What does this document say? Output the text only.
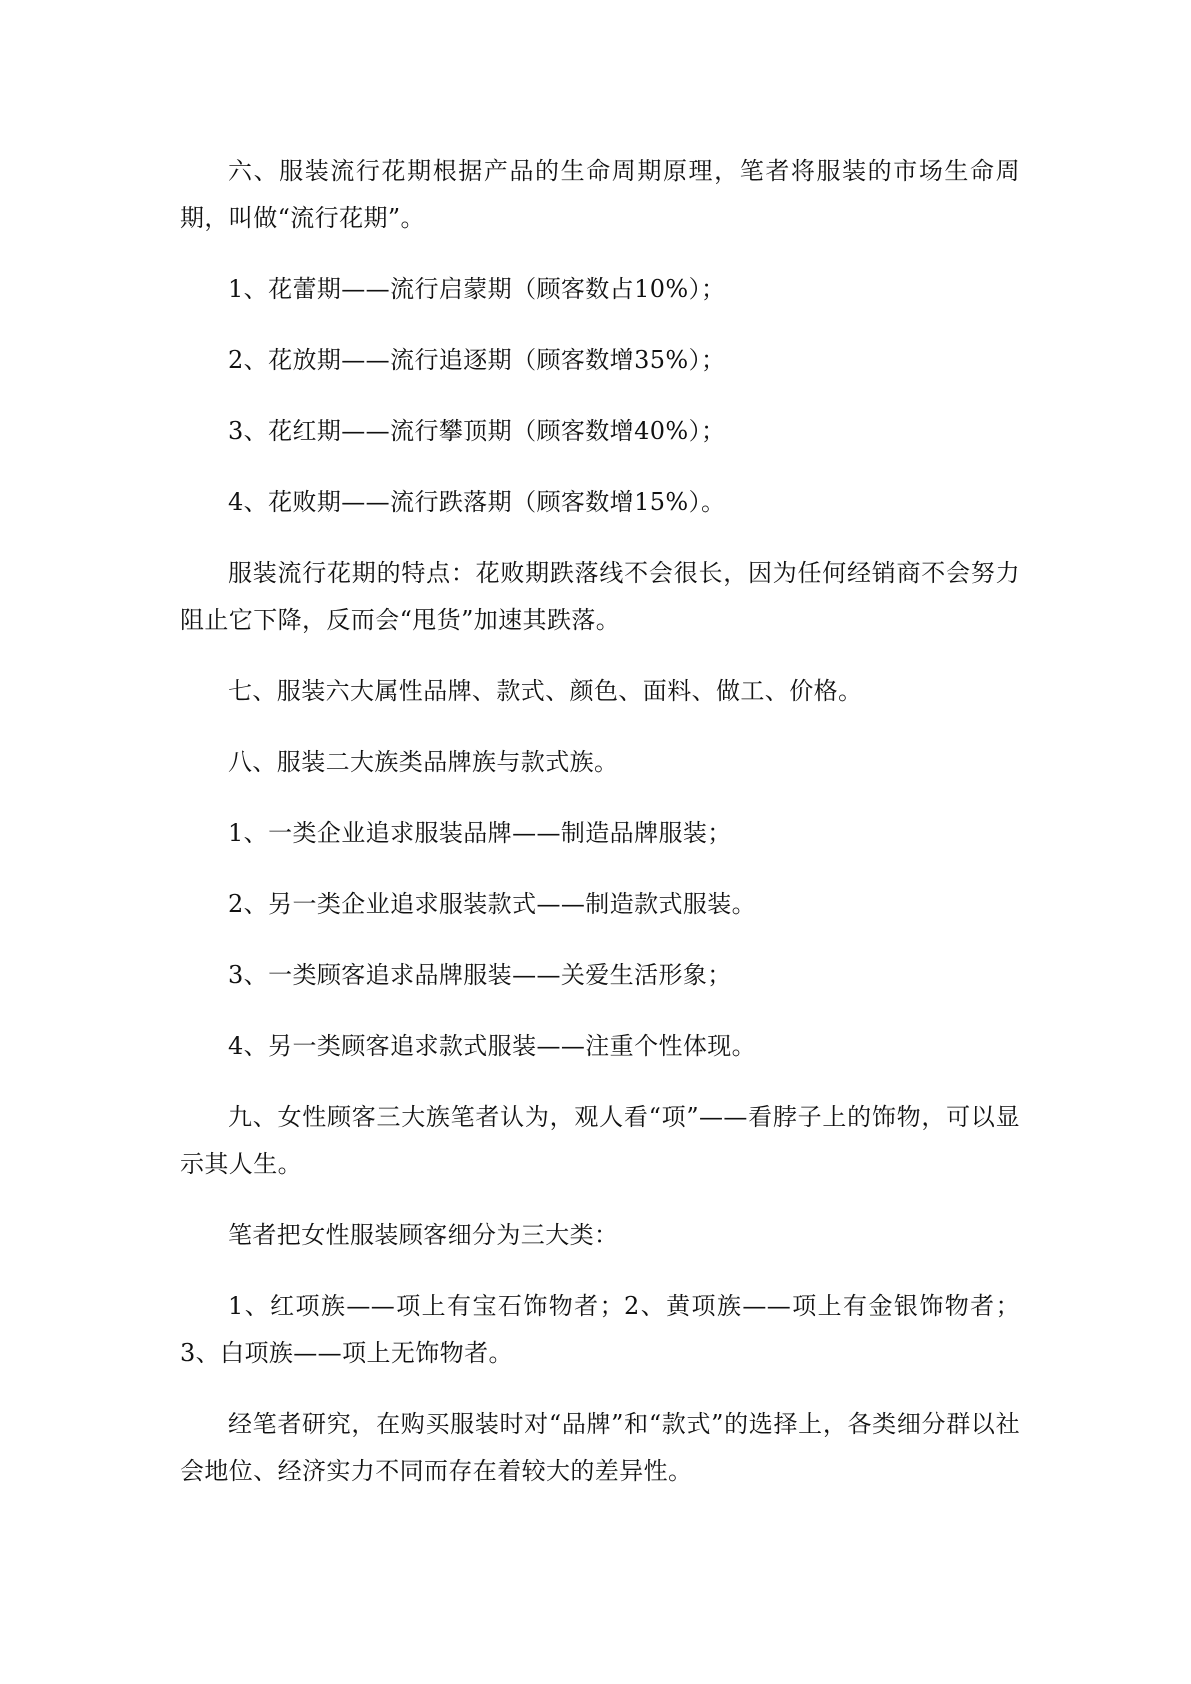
六、服装流行花期根据产品的生命周期原理，笔者将服装的市场生命周期，叫做“流行花期”。

1、花蕾期——流行启蒙期（顾客数占10%）；

2、花放期——流行追逐期（顾客数增35%）；

3、花红期——流行攀顶期（顾客数增40%）；

4、花败期——流行跌落期（顾客数增15%）。

服装流行花期的特点：花败期跌落线不会很长，因为任何经销商不会努力阻止它下降，反而会“甩货”加速其跌落。

七、服装六大属性品牌、款式、颜色、面料、做工、价格。

八、服装二大族类品牌族与款式族。

1、一类企业追求服装品牌——制造品牌服装；

2、另一类企业追求服装款式——制造款式服装。

3、一类顾客追求品牌服装——关爱生活形象；

4、另一类顾客追求款式服装——注重个性体现。

九、女性顾客三大族笔者认为，观人看“项”——看脖子上的饰物，可以显示其人生。

笔者把女性服装顾客细分为三大类：

1、红项族——项上有宝石饰物者；2、黄项族——项上有金银饰物者；3、白项族——项上无饰物者。

经笔者研究，在购买服装时对“品牌”和“款式”的选择上，各类细分群以社会地位、经济实力不同而存在着较大的差异性。
